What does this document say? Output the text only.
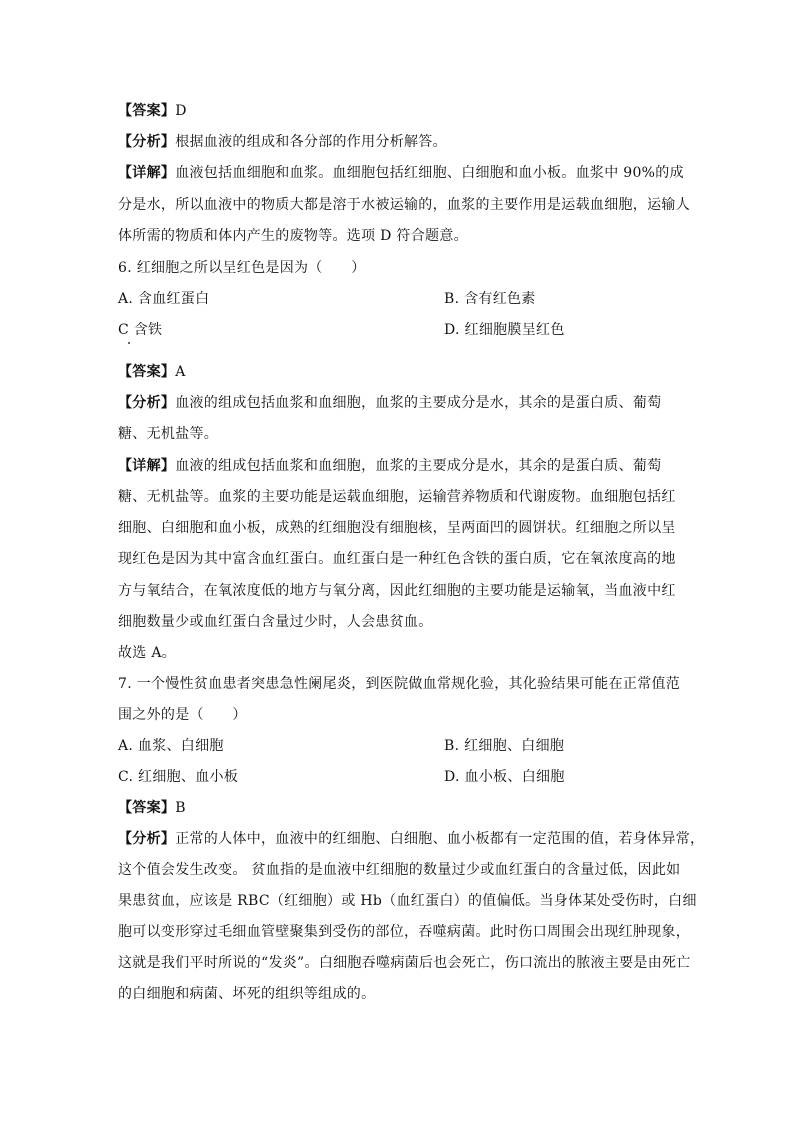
【答案】D
【分析】根据血液的组成和各分部的作用分析解答。
【详解】血液包括血细胞和血浆。血细胞包括红细胞、白细胞和血小板。血浆中 90%的成
分是水，所以血液中的物质大都是溶于水被运输的，血浆的主要作用是运载血细胞，运输人
体所需的物质和体内产生的废物等。选项 D 符合题意。
6. 红细胞之所以呈红色是因为（　　）
A. 含血红蛋白	B. 含有红色素
C 含铁	D. 红细胞膜呈红色
【答案】A
【分析】血液的组成包括血浆和血细胞，血浆的主要成分是水，其余的是蛋白质、葡萄
糖、无机盐等。
【详解】血液的组成包括血浆和血细胞，血浆的主要成分是水，其余的是蛋白质、葡萄
糖、无机盐等。血浆的主要功能是运载血细胞，运输营养物质和代谢废物。血细胞包括红
细胞、白细胞和血小板，成熟的红细胞没有细胞核，呈两面凹的圆饼状。红细胞之所以呈
现红色是因为其中富含血红蛋白。血红蛋白是一种红色含铁的蛋白质，它在氧浓度高的地
方与氧结合，在氧浓度低的地方与氧分离，因此红细胞的主要功能是运输氧，当血液中红
细胞数量少或血红蛋白含量过少时，人会患贫血。
故选 A。
7. 一个慢性贫血患者突患急性阑尾炎，到医院做血常规化验，其化验结果可能在正常值范
围之外的是（　　）
A. 血浆、白细胞	B. 红细胞、白细胞
C. 红细胞、血小板	D. 血小板、白细胞
【答案】B
【分析】正常的人体中，血液中的红细胞、白细胞、血小板都有一定范围的值，若身体异常，
这个值会发生改变。 贫血指的是血液中红细胞的数量过少或血红蛋白的含量过低，因此如
果患贫血，应该是 RBC（红细胞）或 Hb（血红蛋白）的值偏低。当身体某处受伤时，白细
胞可以变形穿过毛细血管壁聚集到受伤的部位，吞噬病菌。此时伤口周围会出现红肿现象，
这就是我们平时所说的“发炎”。白细胞吞噬病菌后也会死亡，伤口流出的脓液主要是由死亡
的白细胞和病菌、坏死的组织等组成的。
